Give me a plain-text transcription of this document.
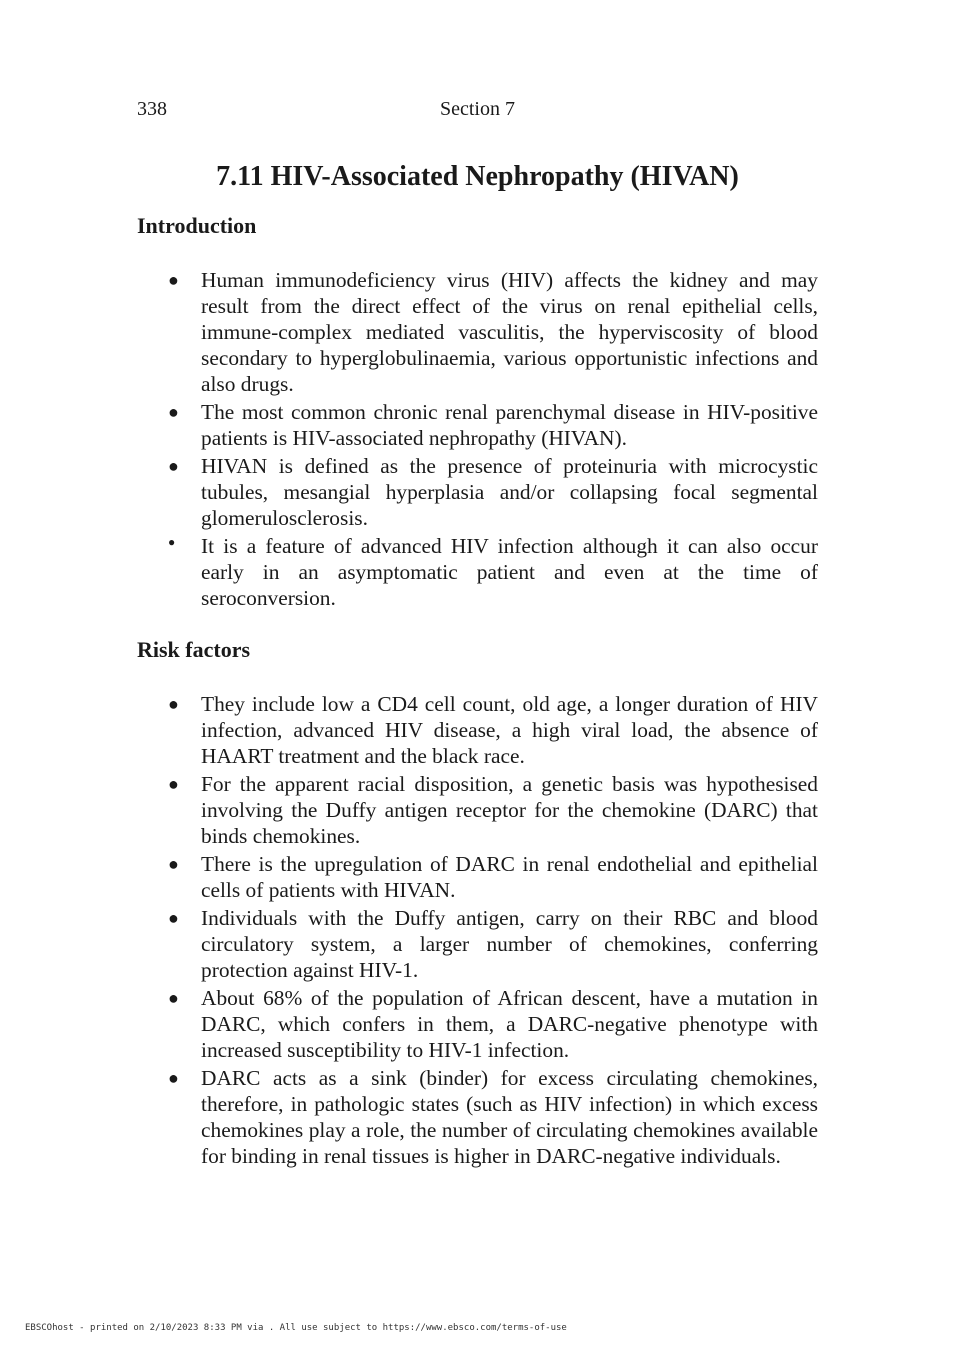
338	Section 7
7.11 HIV-Associated Nephropathy (HIVAN)
Introduction
● Human immunodeficiency virus (HIV) affects the kidney and may result from the direct effect of the virus on renal epithelial cells, immune-complex mediated vasculitis, the hyperviscosity of blood secondary to hyperglobulinaemia, various opportunistic infections and also drugs.
● The most common chronic renal parenchymal disease in HIV-positive patients is HIV-associated nephropathy (HIVAN).
● HIVAN is defined as the presence of proteinuria with microcystic tubules, mesangial hyperplasia and/or collapsing focal segmental glomerulosclerosis.
● It is a feature of advanced HIV infection although it can also occur early in an asymptomatic patient and even at the time of seroconversion.
Risk factors
● They include low a CD4 cell count, old age, a longer duration of HIV infection, advanced HIV disease, a high viral load, the absence of HAART treatment and the black race.
● For the apparent racial disposition, a genetic basis was hypothesised involving the Duffy antigen receptor for the chemokine (DARC) that binds chemokines.
● There is the upregulation of DARC in renal endothelial and epithelial cells of patients with HIVAN.
● Individuals with the Duffy antigen, carry on their RBC and blood circulatory system, a larger number of chemokines, conferring protection against HIV-1.
● About 68% of the population of African descent, have a mutation in DARC, which confers in them, a DARC-negative phenotype with increased susceptibility to HIV-1 infection.
● DARC acts as a sink (binder) for excess circulating chemokines, therefore, in pathologic states (such as HIV infection) in which excess chemokines play a role, the number of circulating chemokines available for binding in renal tissues is higher in DARC-negative individuals.
EBSCOhost - printed on 2/10/2023 8:33 PM via . All use subject to https://www.ebsco.com/terms-of-use
